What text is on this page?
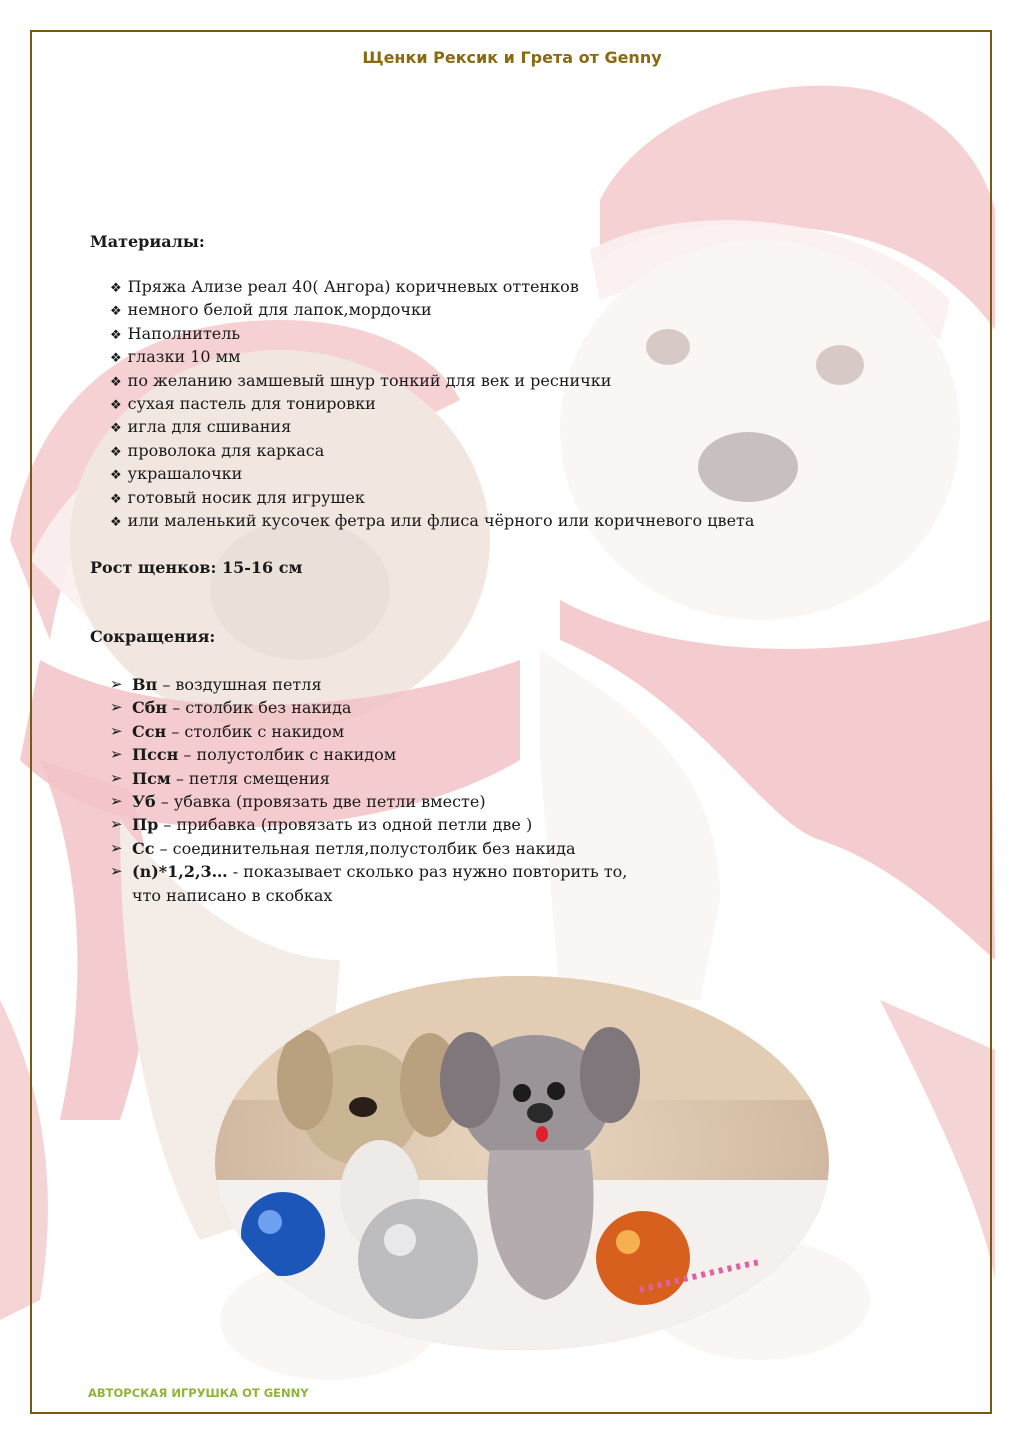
Щенки Рексик и Грета от Genny
Материалы:
❖ Пряжа Ализе реал 40( Ангора) коричневых оттенков
❖ немного белой для лапок,мордочки
❖ Наполнитель
❖ глазки 10 мм
❖ по желанию замшевый шнур тонкий для век и реснички
❖ сухая пастель для тонировки
❖ игла для сшивания
❖ проволока для каркаса
❖ украшалочки
❖ готовый носик для игрушек
❖ или маленький кусочек фетра или флиса чёрного или коричневого цвета
Рост щенков: 15-16 см
Сокращения:
➢ Вп – воздушная петля
➢ Сбн – столбик без накида
➢ Ссн – столбик с накидом
➢ Пссн – полустолбик с накидом
➢ Псм – петля смещения
➢ Уб – убавка (провязать две петли вместе)
➢ Пр – прибавка (провязать из одной петли две )
➢ Сс – соединительная петля,полустолбик без накида
➢ (n)*1,2,3… - показывает сколько раз нужно повторить то,
что написано в скобках
АВТОРСКАЯ ИГРУШКА ОТ GENNY
